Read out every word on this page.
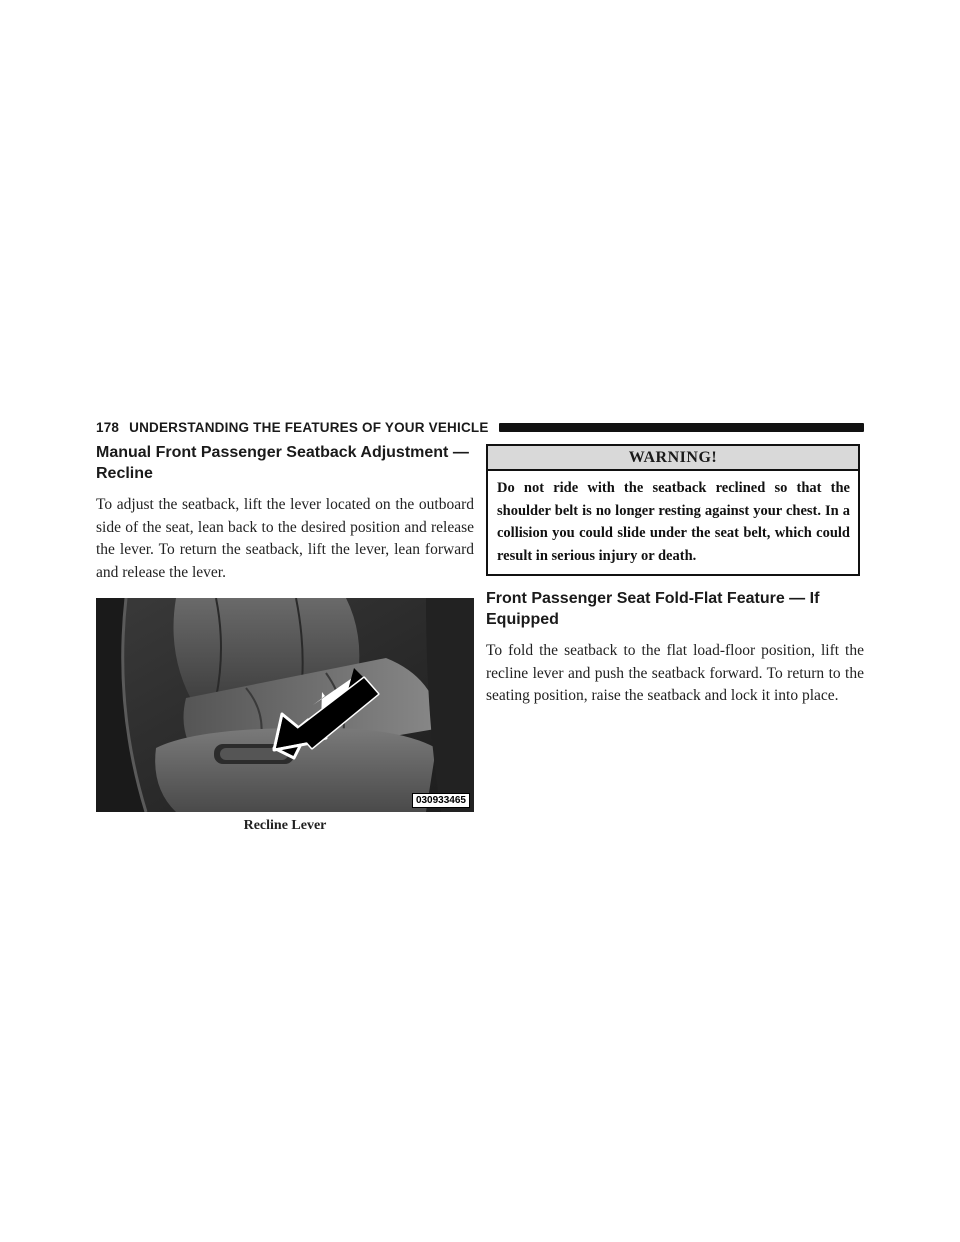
178 UNDERSTANDING THE FEATURES OF YOUR VEHICLE
Manual Front Passenger Seatback Adjustment — Recline

To adjust the seatback, lift the lever located on the outboard side of the seat, lean back to the desired position and release the lever. To return the seatback, lift the lever, lean forward and release the lever.

030933465
Recline Lever
WARNING!
Do not ride with the seatback reclined so that the shoulder belt is no longer resting against your chest. In a collision you could slide under the seat belt, which could result in serious injury or death.
Front Passenger Seat Fold-Flat Feature — If Equipped

To fold the seatback to the flat load-floor position, lift the recline lever and push the seatback forward. To return to the seating position, raise the seatback and lock it into place.
